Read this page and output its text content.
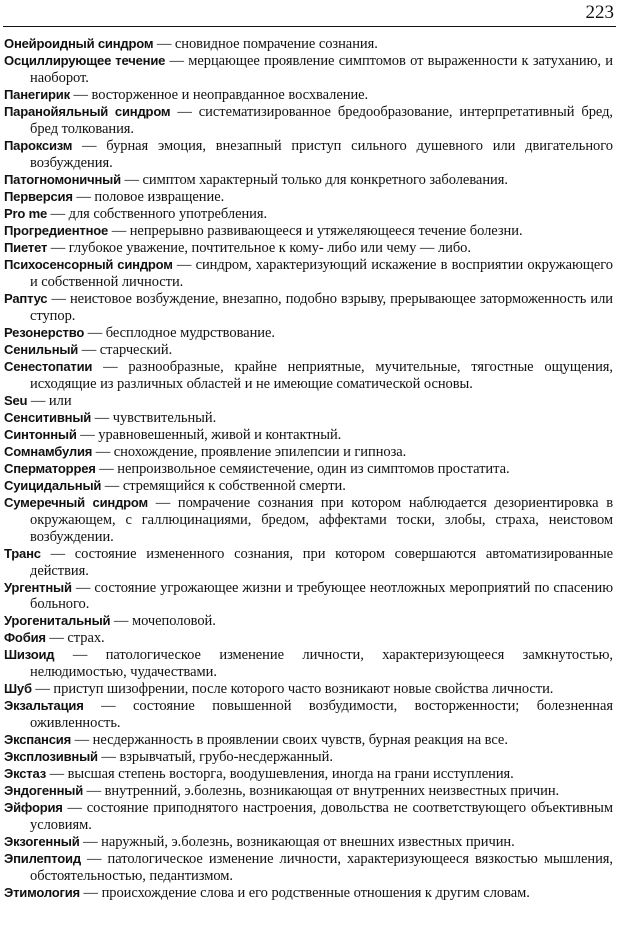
223

Онейроидный синдром — сновидное помрачение сознания.

Осциллирующее течение — мерцающее проявление симптомов от выраженности к затуханию, и наоборот.

Панегирик — восторженное и неоправданное восхваление.

Паранойяльный синдром — систематизированное бредообразование, интерпретативный бред, бред толкования.

Пароксизм — бурная эмоция, внезапный приступ сильного душевного или двигательного возбуждения.

Патогномоничный — симптом характерный только для конкретного заболевания.

Перверсия — половое извращение.

Pro me — для собственного употребления.

Прогредиентное — непрерывно развивающееся и утяжеляющееся течение болезни.

Пиетет — глубокое уважение, почтительное к кому- либо или чему — либо.

Психосенсорный синдром — синдром, характеризующий искажение в восприятии окружающего и собственной личности.

Раптус — неистовое возбуждение, внезапно, подобно взрыву, прерывающее заторможенность или ступор.

Резонерство — бесплодное мудрствование.

Сенильный — старческий.

Сенестопатии — разнообразные, крайне неприятные, мучительные, тягостные ощущения, исходящие из различных областей и не имеющие соматической основы.

Seu — или

Сенситивный — чувствительный.

Синтонный — уравновешенный, живой и контактный.

Сомнамбулия — снохождение, проявление эпилепсии и гипноза.

Сперматоррея — непроизвольное семяистечение, один из симптомов простатита.

Суицидальный — стремящийся к собственной смерти.

Сумеречный синдром — помрачение сознания при котором наблюдается дезориентировка в окружающем, с галлюцинациями, бредом, аффектами тоски, злобы, страха, неистовом возбуждении.

Транс — состояние измененного сознания, при котором совершаются автоматизированные действия.

Ургентный — состояние угрожающее жизни и требующее неотложных мероприятий по спасению больного.

Урогенитальный — мочеполовой.

Фобия — страх.

Шизоид — патологическое изменение личности, характеризующееся замкнутостью, нелюдимостью, чудачествами.

Шуб — приступ шизофрении, после которого часто возникают новые свойства личности.

Экзальтация — состояние повышенной возбудимости, восторженности; болезненная оживленность.

Экспансия — несдержанность в проявлении своих чувств, бурная реакция на все.

Эксплозивный — взрывчатый, грубо-несдержанный.

Экстаз — высшая степень восторга, воодушевления, иногда на грани исступления.

Эндогенный — внутренний, э.болезнь, возникающая от внутренних неизвестных причин.

Эйфория — состояние приподнятого настроения, довольства не соответствующего объективным условиям.

Экзогенный — наружный, э.болезнь, возникающая от внешних известных причин.

Эпилептоид — патологическое изменение личности, характеризующееся вязкостью мышления, обстоятельностью, педантизмом.

Этимология — происхождение слова и его родственные отношения к другим словам.
